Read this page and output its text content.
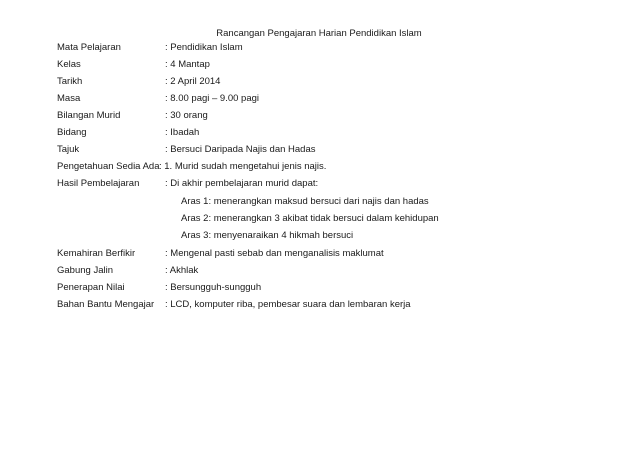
Rancangan Pengajaran Harian Pendidikan Islam
Mata Pelajaran	: Pendidikan Islam
Kelas	: 4 Mantap
Tarikh	: 2 April 2014
Masa	: 8.00 pagi – 9.00 pagi
Bilangan Murid	: 30 orang
Bidang	: Ibadah
Tajuk	: Bersuci Daripada Najis dan Hadas
Pengetahuan Sedia Ada : 1. Murid sudah mengetahui jenis najis.
Hasil Pembelajaran	: Di akhir pembelajaran murid dapat:
Aras 1: menerangkan maksud bersuci dari najis dan hadas
Aras 2: menerangkan 3 akibat tidak bersuci dalam kehidupan
Aras 3: menyenaraikan 4 hikmah bersuci
Kemahiran Berfikir	: Mengenal pasti sebab dan menganalisis maklumat
Gabung Jalin	: Akhlak
Penerapan Nilai	: Bersungguh-sungguh
Bahan Bantu Mengajar : LCD, komputer riba, pembesar suara dan lembaran kerja
